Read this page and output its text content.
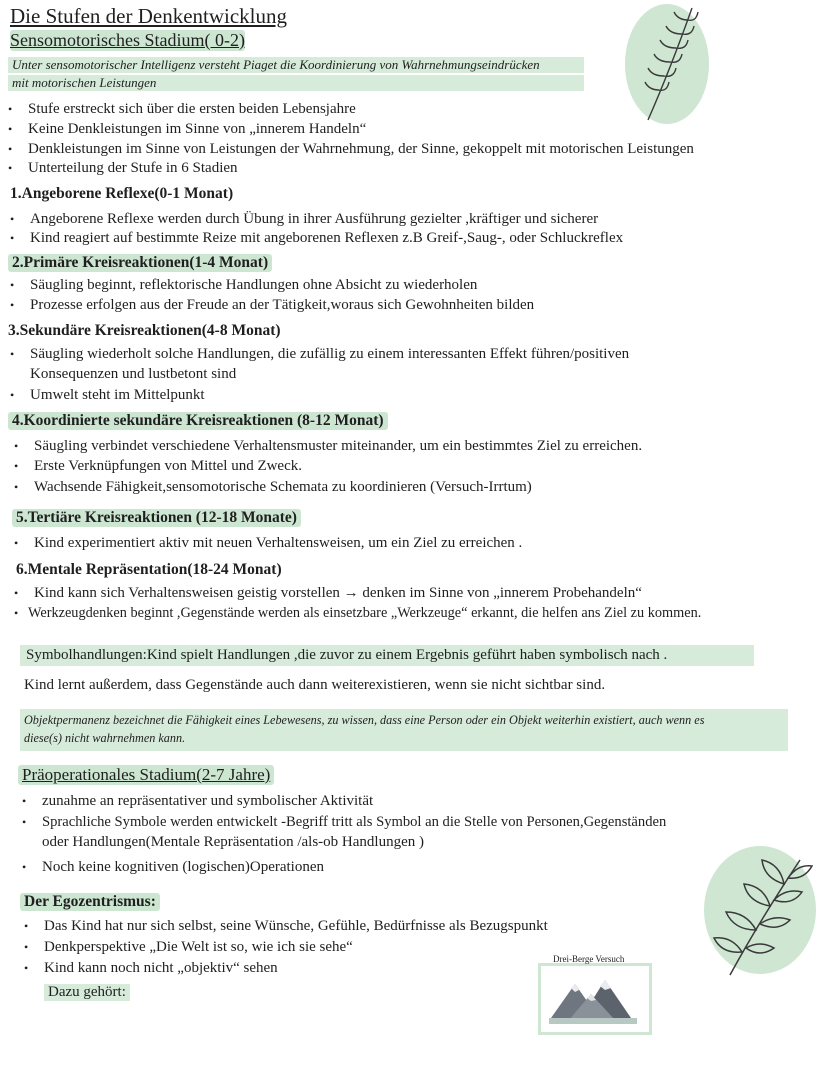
Die Stufen der Denkentwicklung
Sensomotorisches Stadium( 0-2)
Unter sensomotorischer Intelligenz versteht Piaget die Koordinierung von Wahrnehmungseindrücken
mit motorischen Leistungen
• Stufe erstreckt sich über die ersten beiden Lebensjahre
• Keine Denkleistungen im Sinne von „innerem Handeln“
• Denkleistungen im Sinne von Leistungen der Wahrnehmung, der Sinne, gekoppelt mit motorischen Leistungen
• Unterteilung der Stufe in 6 Stadien
1.Angeborene Reflexe(0-1 Monat)
• Angeborene Reflexe werden durch Übung in ihrer Ausführung gezielter ,kräftiger und sicherer
• Kind reagiert auf bestimmte Reize mit angeborenen Reflexen z.B Greif-,Saug-, oder Schluckreflex
2.Primäre Kreisreaktionen(1-4 Monat)
• Säugling beginnt, reflektorische Handlungen ohne Absicht zu wiederholen
• Prozesse erfolgen aus der Freude an der Tätigkeit,woraus sich Gewohnheiten bilden
3.Sekundäre Kreisreaktionen(4-8 Monat)
• Säugling wiederholt solche Handlungen, die zufällig zu einem interessanten Effekt führen/positiven
Konsequenzen und lustbetont sind
• Umwelt steht im Mittelpunkt
4.Koordinierte sekundäre Kreisreaktionen (8-12 Monat)
• Säugling verbindet verschiedene Verhaltensmuster miteinander, um ein bestimmtes Ziel zu erreichen.
• Erste Verknüpfungen von Mittel und Zweck.
• Wachsende Fähigkeit,sensomotorische Schemata zu koordinieren (Versuch-Irrtum)
5.Tertiäre Kreisreaktionen (12-18 Monate)
• Kind experimentiert aktiv mit neuen Verhaltensweisen, um ein Ziel zu erreichen .
6.Mentale Repräsentation(18-24 Monat)
• Kind kann sich Verhaltensweisen geistig vorstellen → denken im Sinne von „innerem Probehandeln“
• Werkzeugdenken beginnt ,Gegenstände werden als einsetzbare „Werkzeuge“ erkannt, die helfen ans Ziel zu kommen.
Symbolhandlungen:Kind spielt Handlungen ,die zuvor zu einem Ergebnis geführt haben symbolisch nach .
Kind lernt außerdem, dass Gegenstände auch dann weiterexistieren, wenn sie nicht sichtbar sind.
Objektpermanenz bezeichnet die Fähigkeit eines Lebewesens, zu wissen, dass eine Person oder ein Objekt weiterhin existiert, auch wenn es
diese(s) nicht wahrnehmen kann.
Präoperationales Stadium(2-7 Jahre)
• zunahme an repräsentativer und symbolischer Aktivität
• Sprachliche Symbole werden entwickelt -Begriff tritt als Symbol an die Stelle von Personen,Gegenständen
oder Handlungen(Mentale Repräsentation /als-ob Handlungen )
• Noch keine kognitiven (logischen)Operationen
Der Egozentrismus:
• Das Kind hat nur sich selbst, seine Wünsche, Gefühle, Bedürfnisse als Bezugspunkt
• Denkperspektive „Die Welt ist so, wie ich sie sehe“
• Kind kann noch nicht „objektiv“ sehen
Dazu gehört:
Drei-Berge Versuch
